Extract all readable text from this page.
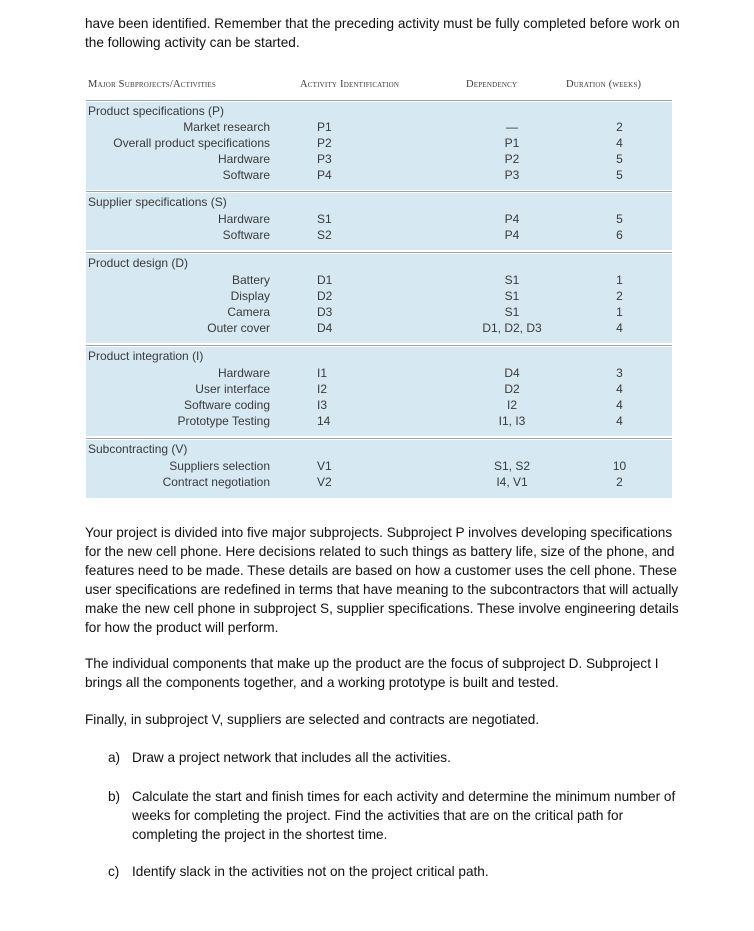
have been identified. Remember that the preceding activity must be fully completed before work on the following activity can be started.
Major Subprojects/Activities	Activity Identification	Dependency	Duration (weeks)
Product specifications (P)
Market research	P1	—	2
Overall product specifications	P2	P1	4
Hardware	P3	P2	5
Software	P4	P3	5
Supplier specifications (S)
Hardware	S1	P4	5
Software	S2	P4	6
Product design (D)
Battery	D1	S1	1
Display	D2	S1	2
Camera	D3	S1	1
Outer cover	D4	D1, D2, D3	4
Product integration (I)
Hardware	I1	D4	3
User interface	I2	D2	4
Software coding	I3	I2	4
Prototype Testing	14	I1, I3	4
Subcontracting (V)
Suppliers selection	V1	S1, S2	10
Contract negotiation	V2	I4, V1	2
Your project is divided into five major subprojects. Subproject P involves developing specifications for the new cell phone. Here decisions related to such things as battery life, size of the phone, and features need to be made. These details are based on how a customer uses the cell phone. These user specifications are redefined in terms that have meaning to the subcontractors that will actually make the new cell phone in subproject S, supplier specifications. These involve engineering details for how the product will perform.
The individual components that make up the product are the focus of subproject D. Subproject I brings all the components together, and a working prototype is built and tested.
Finally, in subproject V, suppliers are selected and contracts are negotiated.
a) Draw a project network that includes all the activities.
b) Calculate the start and finish times for each activity and determine the minimum number of weeks for completing the project. Find the activities that are on the critical path for completing the project in the shortest time.
c) Identify slack in the activities not on the project critical path.
